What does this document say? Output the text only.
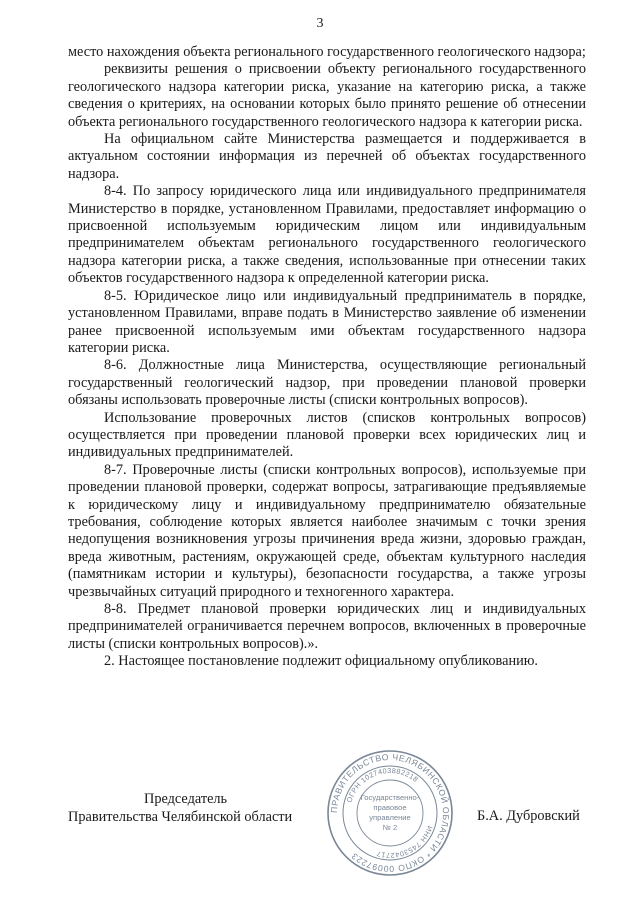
3

место нахождения объекта регионального государственного геологического надзора;

реквизиты решения о присвоении объекту регионального государственного геологического надзора категории риска, указание на категорию риска, а также сведения о критериях, на основании которых было принято решение об отнесении объекта регионального государственного геологического надзора к категории риска.

На официальном сайте Министерства размещается и поддерживается в актуальном состоянии информация из перечней об объектах государственного надзора.

8-4. По запросу юридического лица или индивидуального предпринимателя Министерство в порядке, установленном Правилами, предоставляет информацию о присвоенной используемым юридическим лицом или индивидуальным предпринимателем объектам регионального государственного геологического надзора категории риска, а также сведения, использованные при отнесении таких объектов государственного надзора к определенной категории риска.

8-5. Юридическое лицо или индивидуальный предприниматель в порядке, установленном Правилами, вправе подать в Министерство заявление об изменении ранее присвоенной используемым ими объектам государственного надзора категории риска.

8-6. Должностные лица Министерства, осуществляющие региональный государственный геологический надзор, при проведении плановой проверки обязаны использовать проверочные листы (списки контрольных вопросов).

Использование проверочных листов (списков контрольных вопросов) осуществляется при проведении плановой проверки всех юридических лиц и индивидуальных предпринимателей.

8-7. Проверочные листы (списки контрольных вопросов), используемые при проведении плановой проверки, содержат вопросы, затрагивающие предъявляемые к юридическому лицу и индивидуальному предпринимателю обязательные требования, соблюдение которых является наиболее значимым с точки зрения недопущения возникновения угрозы причинения вреда жизни, здоровью граждан, вреда животным, растениям, окружающей среде, объектам культурного наследия (памятникам истории и культуры), безопасности государства, а также угрозы чрезвычайных ситуаций природного и техногенного характера.

8-8. Предмет плановой проверки юридических лиц и индивидуальных предпринимателей ограничивается перечнем вопросов, включенных в проверочные листы (списки контрольных вопросов).».

2. Настоящее постановление подлежит официальному опубликованию.

ПРАВИТЕЛЬСТВО ЧЕЛЯБИНСКОЙ ОБЛАСТИ * ОКПО 00097223
ОГРН 1027403882218
ИНН 7453042717
Государственно-
правовое
управление
№ 2
Председатель
Правительства Челябинской области	Б.А. Дубровский
